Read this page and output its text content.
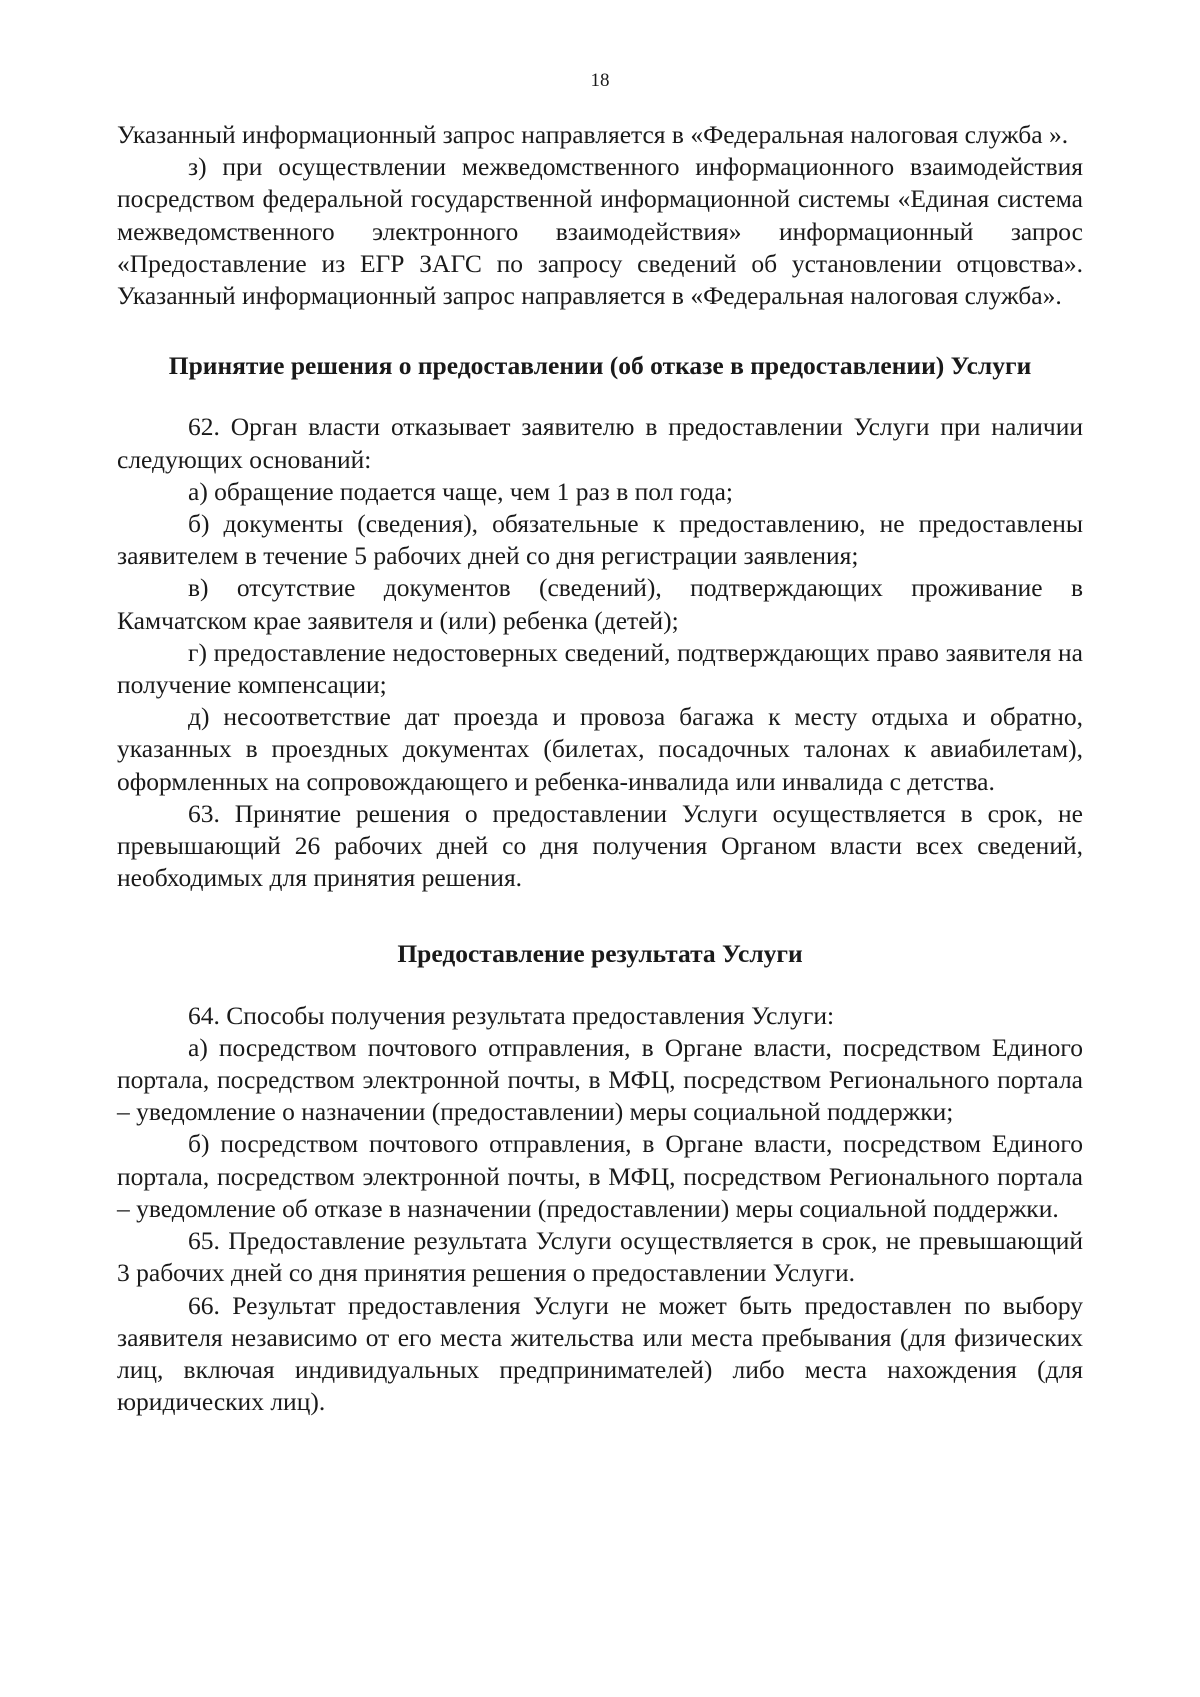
18

Указанный информационный запрос направляется в «Федеральная налоговая служба ».

з) при осуществлении межведомственного информационного взаимодействия посредством федеральной государственной информационной системы «Единая система межведомственного электронного взаимодействия» информационный запрос «Предоставление из ЕГР ЗАГС по запросу сведений об установлении отцовства». Указанный информационный запрос направляется в «Федеральная налоговая служба».

Принятие решения о предоставлении (об отказе в предоставлении) Услуги

62. Орган власти отказывает заявителю в предоставлении Услуги при наличии следующих оснований:

а) обращение подается чаще, чем 1 раз в пол года;

б) документы (сведения), обязательные к предоставлению, не предоставлены заявителем в течение 5 рабочих дней со дня регистрации заявления;

в) отсутствие документов (сведений), подтверждающих проживание в Камчатском крае заявителя и (или) ребенка (детей);

г) предоставление недостоверных сведений, подтверждающих право заявителя на получение компенсации;

д) несоответствие дат проезда и провоза багажа к месту отдыха и обратно, указанных в проездных документах (билетах, посадочных талонах к авиабилетам), оформленных на сопровождающего и ребенка-инвалида или инвалида с детства.

63. Принятие решения о предоставлении Услуги осуществляется в срок, не превышающий 26 рабочих дней со дня получения Органом власти всех сведений, необходимых для принятия решения.

Предоставление результата Услуги

64. Способы получения результата предоставления Услуги:

а) посредством почтового отправления, в Органе власти, посредством Единого портала, посредством электронной почты, в МФЦ, посредством Регионального портала – уведомление о назначении (предоставлении) меры социальной поддержки;

б) посредством почтового отправления, в Органе власти, посредством Единого портала, посредством электронной почты, в МФЦ, посредством Регионального портала – уведомление об отказе в назначении (предоставлении) меры социальной поддержки.

65. Предоставление результата Услуги осуществляется в срок, не превышающий 3 рабочих дней со дня принятия решения о предоставлении Услуги.

66. Результат предоставления Услуги не может быть предоставлен по выбору заявителя независимо от его места жительства или места пребывания (для физических лиц, включая индивидуальных предпринимателей) либо места нахождения (для юридических лиц).
